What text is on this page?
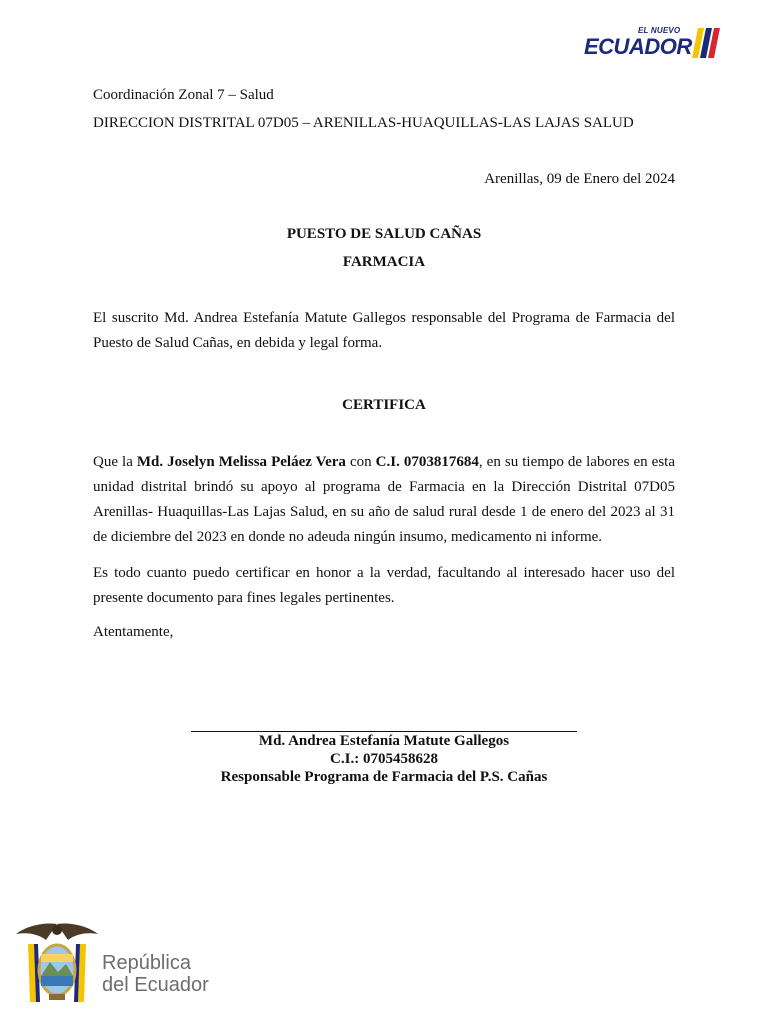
EL NUEVO
ECUADOR
Coordinación Zonal 7 – Salud
DIRECCION DISTRITAL 07D05 – ARENILLAS-HUAQUILLAS-LAS LAJAS SALUD
Arenillas, 09 de Enero del 2024
PUESTO DE SALUD CAÑAS
FARMACIA

El suscrito Md. Andrea Estefanía Matute Gallegos responsable del Programa de Farmacia del Puesto de Salud Cañas, en debida y legal forma.

CERTIFICA

Que la Md. Joselyn Melissa Peláez Vera con C.I. 0703817684, en su tiempo de labores en esta unidad distrital brindó su apoyo al programa de Farmacia en la Dirección Distrital 07D05 Arenillas- Huaquillas-Las Lajas Salud, en su año de salud rural desde 1 de enero del 2023 al 31 de diciembre del 2023 en donde no adeuda ningún insumo, medicamento ni informe.

Es todo cuanto puedo certificar en honor a la verdad, facultando al interesado hacer uso del presente documento para fines legales pertinentes.

Atentamente,
Md. Andrea Estefanía Matute Gallegos
C.I.: 0705458628
Responsable Programa de Farmacia del P.S. Cañas
República
del Ecuador
